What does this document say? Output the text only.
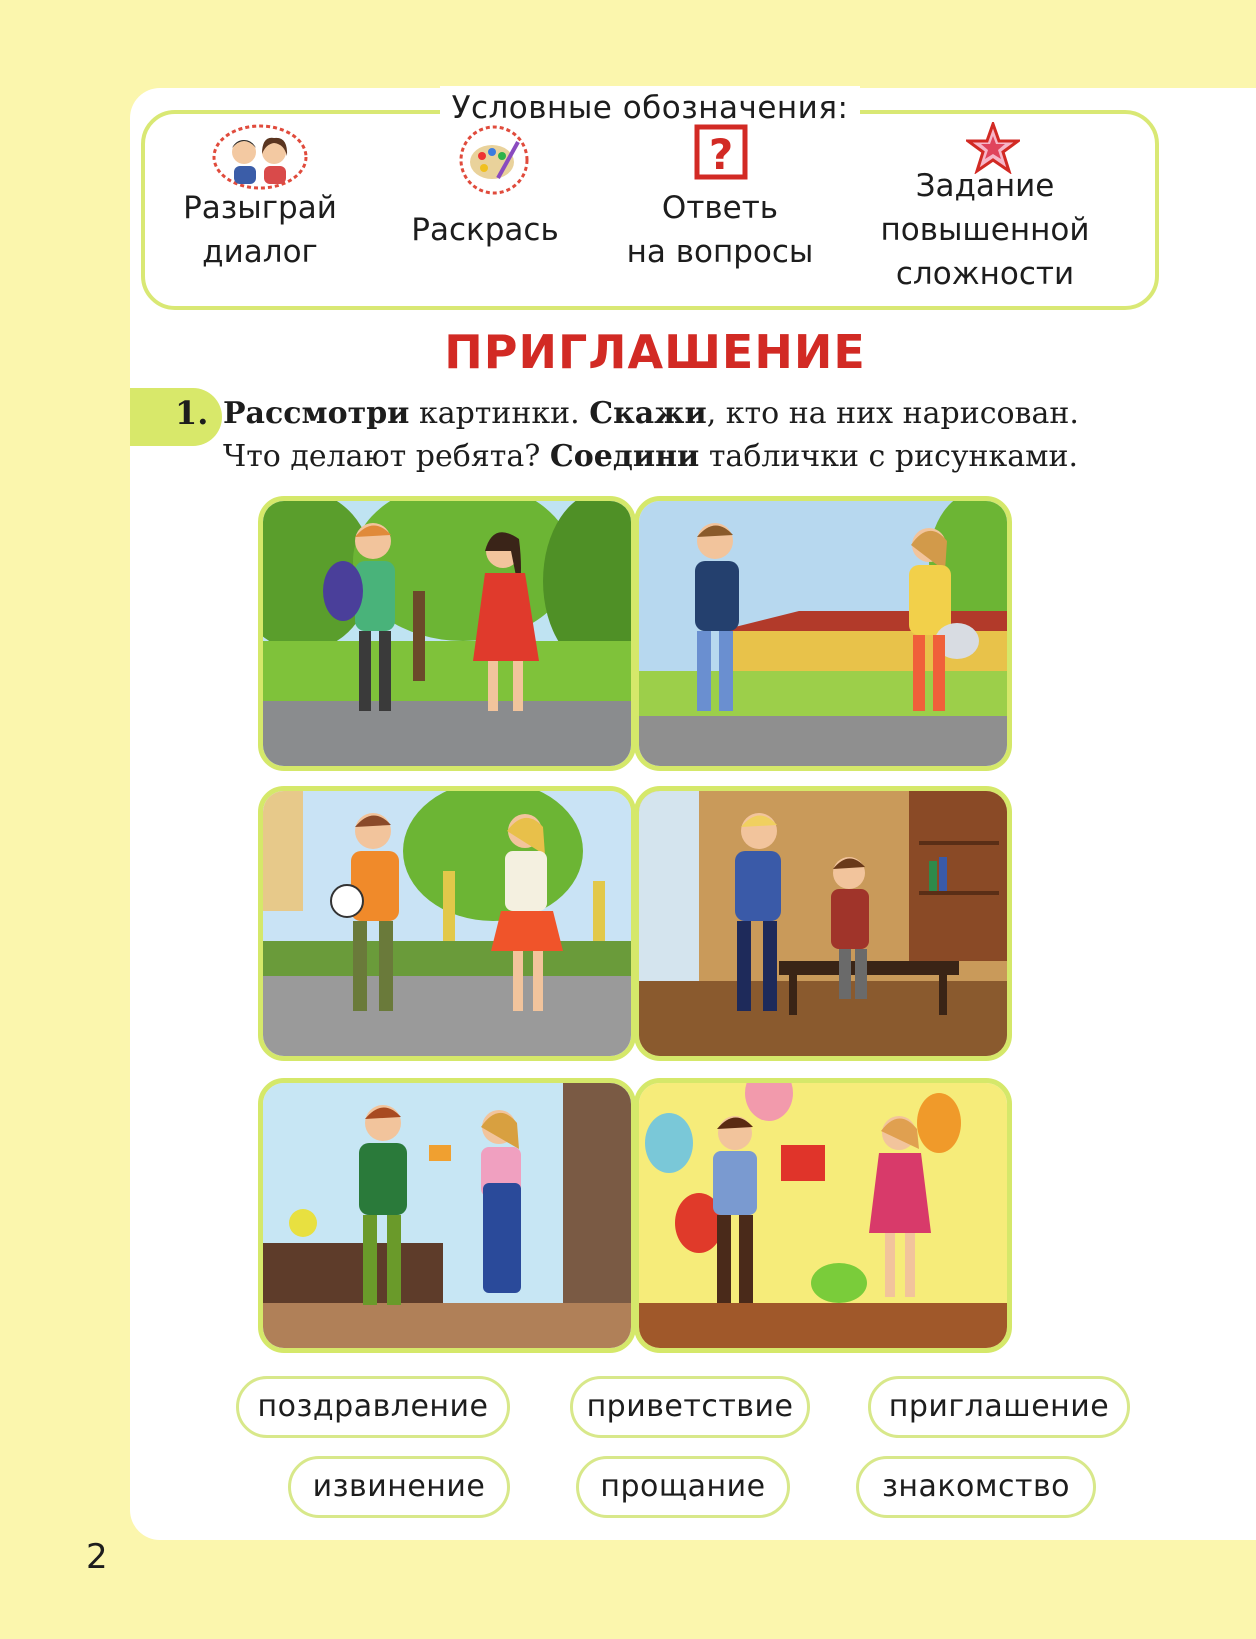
Условные обозначения:
Разыграй
диалог
Раскрась
?
Ответь
на вопросы
Задание
повышенной
сложности
ПРИГЛАШЕНИЕ
1. Рассмотри картинки. Скажи, кто на них нарисован.
Что делают ребята? Соедини таблички с рисунками.
поздравление	приветствие	приглашение
извинение	прощание	знакомство
2
